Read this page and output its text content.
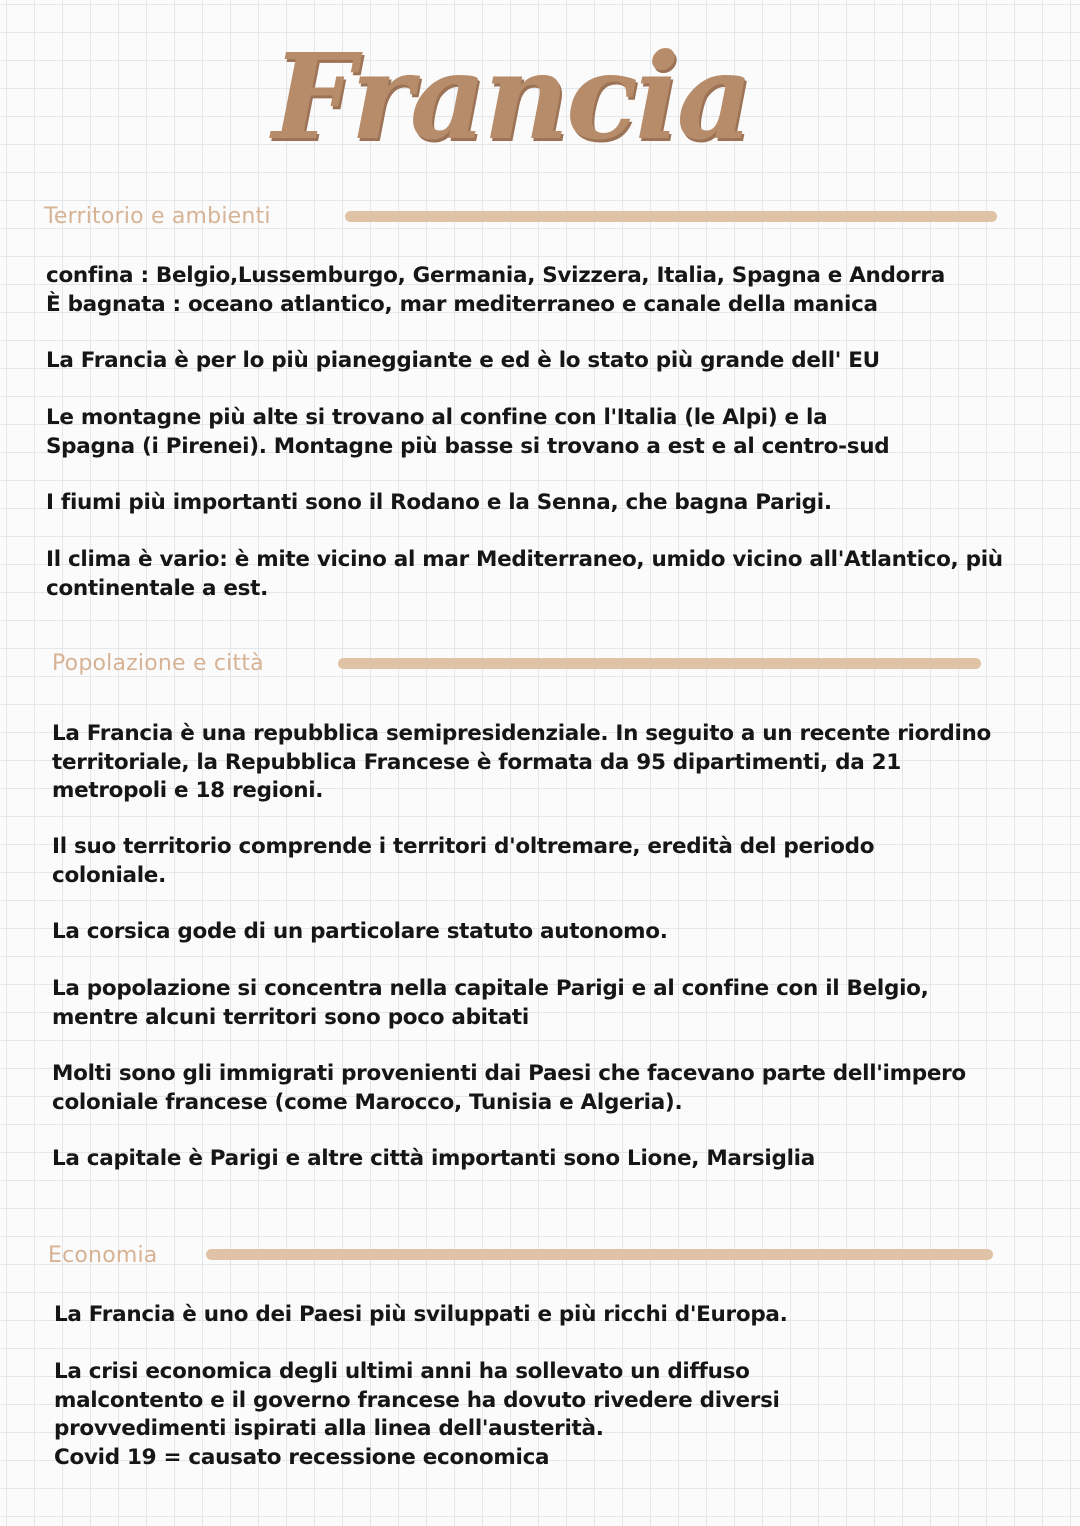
Francia
Territorio e ambienti
confina : Belgio,Lussemburgo, Germania, Svizzera, Italia, Spagna e Andorra
È bagnata : oceano atlantico, mar mediterraneo e canale della manica
La Francia è per lo più pianeggiante e ed è lo stato più grande dell' EU
Le montagne più alte si trovano al confine con l'Italia (le Alpi) e la
Spagna (i Pirenei). Montagne più basse si trovano a est e al centro-sud
I fiumi più importanti sono il Rodano e la Senna, che bagna Parigi.
Il clima è vario: è mite vicino al mar Mediterraneo, umido vicino all'Atlantico, più
continentale a est.
Popolazione e città
La Francia è una repubblica semipresidenziale. In seguito a un recente riordino
territoriale, la Repubblica Francese è formata da 95 dipartimenti, da 21
metropoli e 18 regioni.
Il suo territorio comprende i territori d'oltremare, eredità del periodo
coloniale.
La corsica gode di un particolare statuto autonomo.
La popolazione si concentra nella capitale Parigi e al confine con il Belgio,
mentre alcuni territori sono poco abitati
Molti sono gli immigrati provenienti dai Paesi che facevano parte dell'impero
coloniale francese (come Marocco, Tunisia e Algeria).
La capitale è Parigi e altre città importanti sono Lione, Marsiglia
Economia
La Francia è uno dei Paesi più sviluppati e più ricchi d'Europa.
La crisi economica degli ultimi anni ha sollevato un diffuso
malcontento e il governo francese ha dovuto rivedere diversi
provvedimenti ispirati alla linea dell'austerità.
Covid 19 = causato recessione economica
